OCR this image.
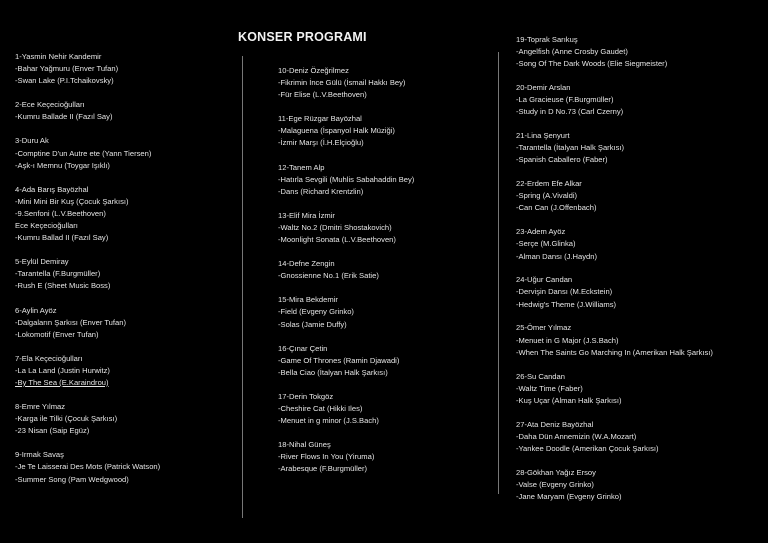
KONSER PROGRAMI
1-Yasmin Nehir Kandemir
-Bahar Yağmuru (Enver Tufan)
-Swan Lake (P.I.Tchaikovsky)
2-Ece Keçecioğulları
-Kumru Ballade II (Fazıl Say)
3-Duru Ak
-Comptine D'un Autre ete (Yann Tiersen)
-Aşk-ı Memnu (Toygar Işıklı)
4-Ada Barış Bayözhal
-Mini Mini Bir Kuş (Çocuk Şarkısı)
-9.Senfoni (L.V.Beethoven)
Ece Keçecioğulları
-Kumru Ballad II (Fazıl Say)
5-Eylül Demiray
-Tarantella (F.Burgmüller)
-Rush E (Sheet Music Boss)
6-Aylin Ayöz
-Dalgaların Şarkısı (Enver Tufan)
-Lokomotif (Enver Tufan)
7-Ela Keçecioğulları
-La La Land (Justin Hurwitz)
-By The Sea (E.Karaindrou)
8-Emre Yılmaz
-Karga ile Tilki (Çocuk Şarkısı)
-23 Nisan (Saip Egüz)
9-Irmak Savaş
-Je Te Laisserai Des Mots (Patrick Watson)
-Summer Song (Pam Wedgwood)
10-Deniz Özeğrilmez
-Fikrimin İnce Gülü (İsmail Hakkı Bey)
-Für Elise (L.V.Beethoven)
11-Ege Rüzgar Bayözhal
-Malaguena (İspanyol Halk Müziği)
-İzmir Marşı (İ.H.Elçioğlu)
12-Tanem Alp
-Hatırla Sevgili (Muhlis Sabahaddin Bey)
-Dans (Richard Krentzlin)
13-Elif Mira İzmir
-Waltz No.2 (Dmitri Shostakovich)
-Moonlight Sonata (L.V.Beethoven)
14-Defne Zengin
-Gnossienne No.1 (Erik Satie)
15-Mira Bekdemir
-Field (Evgeny Grinko)
-Solas (Jamie Duffy)
16-Çınar Çetin
-Game Of Thrones (Ramin Djawadi)
-Bella Ciao (İtalyan Halk Şarkısı)
17-Derin Tokgöz
-Cheshire Cat (Hikki Iles)
-Menuet in g minor (J.S.Bach)
18-Nihal Güneş
-River Flows In You (Yiruma)
-Arabesque (F.Burgmüller)
19-Toprak Sarıkuş
-Angelfish (Anne Crosby Gaudet)
-Song Of The Dark Woods (Elie Siegmeister)
20-Demir Arslan
-La Gracieuse (F.Burgmüller)
-Study in D No.73 (Carl Czerny)
21-Lina Şenyurt
-Tarantella (İtalyan Halk Şarkısı)
-Spanish Caballero (Faber)
22-Erdem Efe Alkar
-Spring (A.Vivaldi)
-Can Can (J.Offenbach)
23-Adem Ayöz
-Serçe (M.Glinka)
-Alman Dansı (J.Haydn)
24-Uğur Candan
-Dervişin Dansı (M.Eckstein)
-Hedwig's Theme (J.Williams)
25-Ömer Yılmaz
-Menuet in G Major (J.S.Bach)
-When The Saints Go Marching In (Amerikan Halk Şarkısı)
26-Su Candan
-Waltz Time (Faber)
-Kuş Uçar (Alman Halk Şarkısı)
27-Ata Deniz Bayözhal
-Daha Dün Annemizin (W.A.Mozart)
-Yankee Doodle (Amerikan Çocuk Şarkısı)
28-Gökhan Yağız Ersoy
-Valse (Evgeny Grinko)
-Jane Maryam (Evgeny Grinko)
